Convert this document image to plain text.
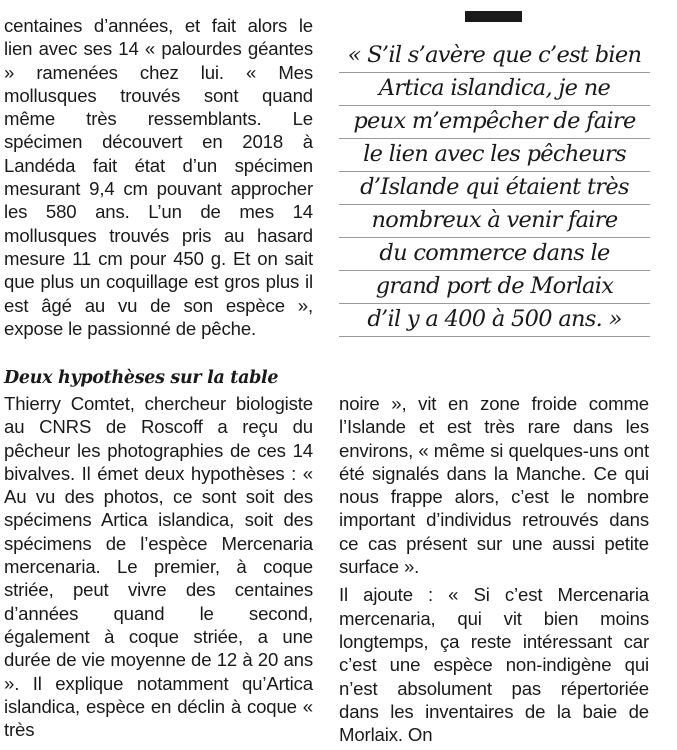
centaines d’années, et fait alors le lien avec ses 14 « palourdes géantes » ramenées chez lui. « Mes mollusques trouvés sont quand même très ressemblants. Le spécimen découvert en 2018 à Landéda fait état d’un spécimen mesurant 9,4 cm pouvant approcher les 580 ans. L’un de mes 14 mollusques trouvés pris au hasard mesure 11 cm pour 450 g. Et on sait que plus un coquillage est gros plus il est âgé au vu de son espèce », expose le passionné de pêche.

« S’il s’avère que c’est bien
Artica islandica, je ne
peux m’empêcher de faire
le lien avec les pêcheurs
d’Islande qui étaient très
nombreux à venir faire
du commerce dans le
grand port de Morlaix
d’il y a 400 à 500 ans. »
Deux hypothèses sur la table

Thierry Comtet, chercheur biologiste au CNRS de Roscoff a reçu du pêcheur les photographies de ces 14 bivalves. Il émet deux hypothèses : « Au vu des photos, ce sont soit des spécimens Artica islandica, soit des spécimens de l’espèce Mercenaria mercenaria. Le premier, à coque striée, peut vivre des centaines d’années quand le second, également à coque striée, a une durée de vie moyenne de 12 à 20 ans ». Il explique notamment qu’Artica islandica, espèce en déclin à coque « très

noire », vit en zone froide comme l’Islande et est très rare dans les environs, « même si quelques-uns ont été signalés dans la Manche. Ce qui nous frappe alors, c’est le nombre important d’individus retrouvés dans ce cas présent sur une aussi petite surface ».

Il ajoute : « Si c’est Mercenaria mercenaria, qui vit bien moins longtemps, ça reste intéressant car c’est une espèce non-indigène qui n’est absolument pas répertoriée dans les inventaires de la baie de Morlaix. On
